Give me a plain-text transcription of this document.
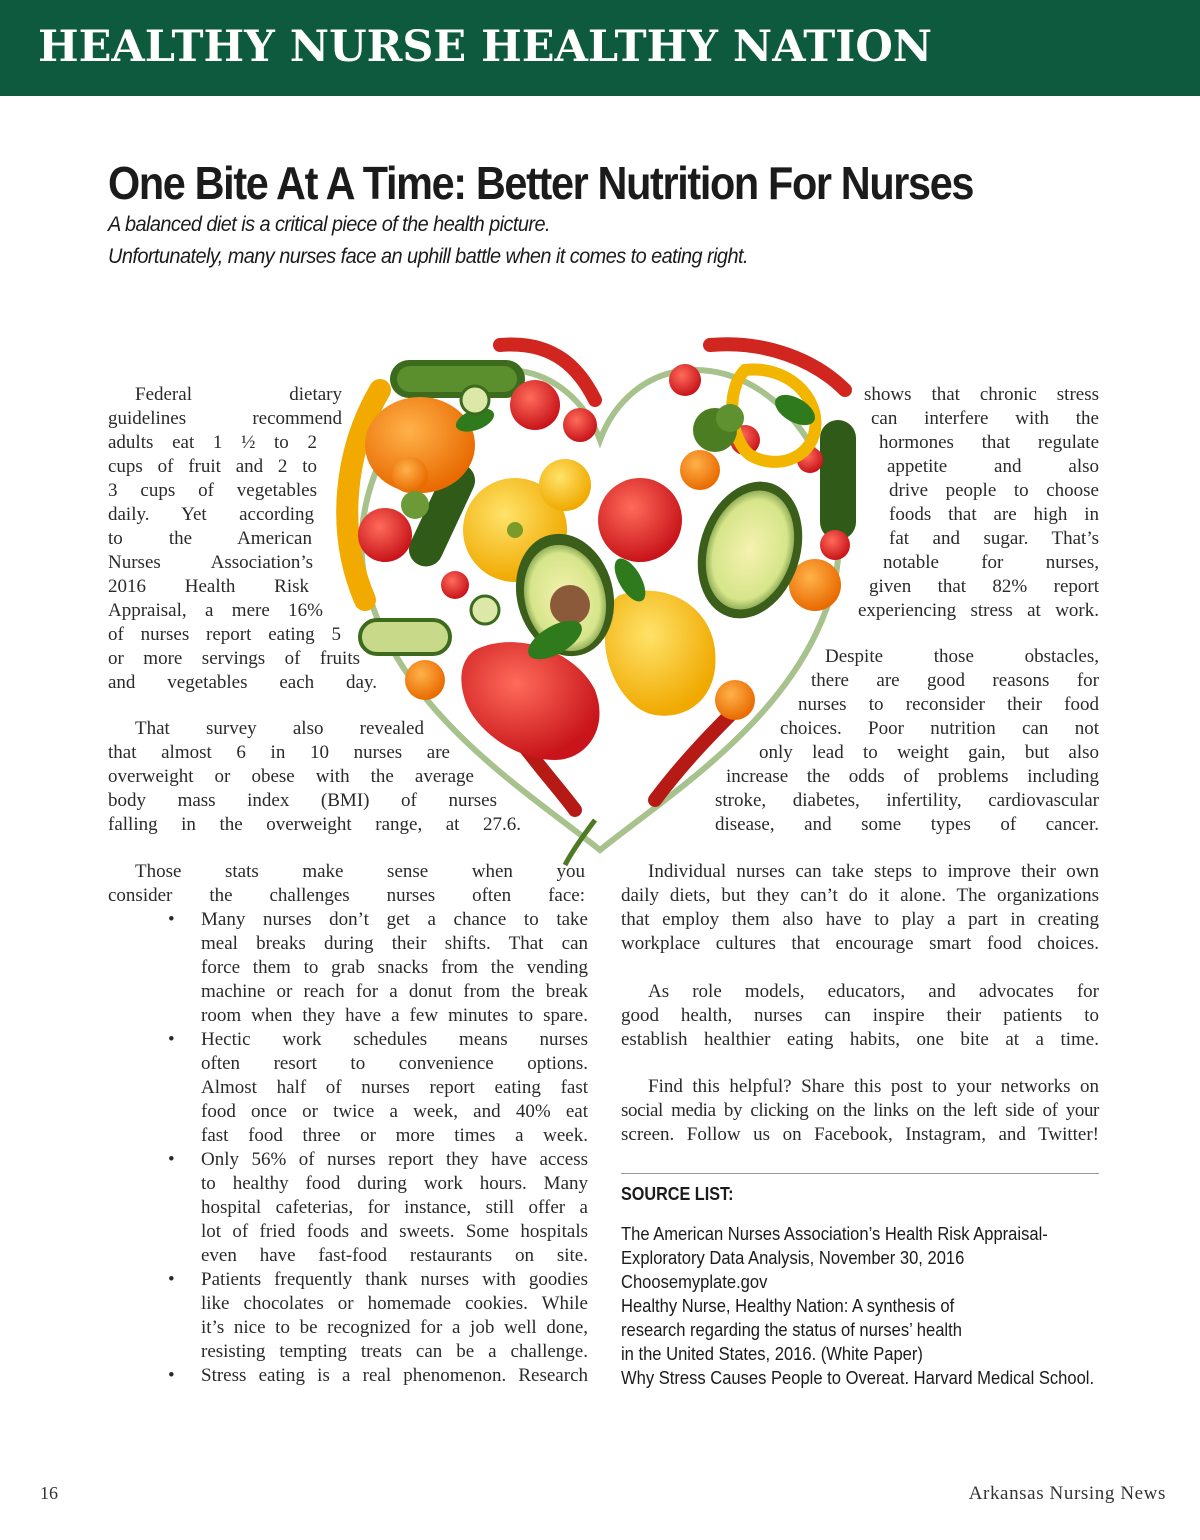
HEALTHY NURSE HEALTHY NATION
One Bite At A Time: Better Nutrition For Nurses

A balanced diet is a critical piece of the health picture.

Unfortunately, many nurses face an uphill battle when it comes to eating right.

Federal dietary
guidelines recommend
adults eat 1 ½ to 2
cups of fruit and 2 to
3 cups of vegetables
daily. Yet according
to the American
Nurses Association’s
2016 Health Risk
Appraisal, a mere 16%
of nurses report eating 5
or more servings of fruits
and vegetables each day.
That survey also revealed
that almost 6 in 10 nurses are
overweight or obese with the average
body mass index (BMI) of nurses
falling in the overweight range, at 27.6.
Those stats make sense when you
consider the challenges nurses often face:
• Many nurses don’t get a chance to take
meal breaks during their shifts. That can
force them to grab snacks from the vending
machine or reach for a donut from the break
room when they have a few minutes to spare.
• Hectic work schedules means nurses
often resort to convenience options.
Almost half of nurses report eating fast
food once or twice a week, and 40% eat
fast food three or more times a week.
• Only 56% of nurses report they have access
to healthy food during work hours. Many
hospital cafeterias, for instance, still offer a
lot of fried foods and sweets. Some hospitals
even have fast-food restaurants on site.
• Patients frequently thank nurses with goodies
like chocolates or homemade cookies. While
it’s nice to be recognized for a job well done,
resisting tempting treats can be a challenge.
• Stress eating is a real phenomenon. Research
shows that chronic stress
can interfere with the
hormones that regulate
appetite and also
drive people to choose
foods that are high in
fat and sugar. That’s
notable for nurses,
given that 82% report
experiencing stress at work.
Despite those obstacles,
there are good reasons for
nurses to reconsider their food
choices. Poor nutrition can not
only lead to weight gain, but also
increase the odds of problems including
stroke, diabetes, infertility, cardiovascular
disease, and some types of cancer.
Individual nurses can take steps to improve their own
daily diets, but they can’t do it alone. The organizations
that employ them also have to play a part in creating
workplace cultures that encourage smart food choices.
As role models, educators, and advocates for
good health, nurses can inspire their patients to
establish healthier eating habits, one bite at a time.
Find this helpful? Share this post to your networks on
social media by clicking on the links on the left side of your
screen. Follow us on Facebook, Instagram, and Twitter!
SOURCE LIST:
The American Nurses Association’s Health Risk Appraisal-
Exploratory Data Analysis, November 30, 2016
Choosemyplate.gov
Healthy Nurse, Healthy Nation: A synthesis of
research regarding the status of nurses’ health
in the United States, 2016. (White Paper)
Why Stress Causes People to Overeat. Harvard Medical School.
16	Arkansas Nursing News
